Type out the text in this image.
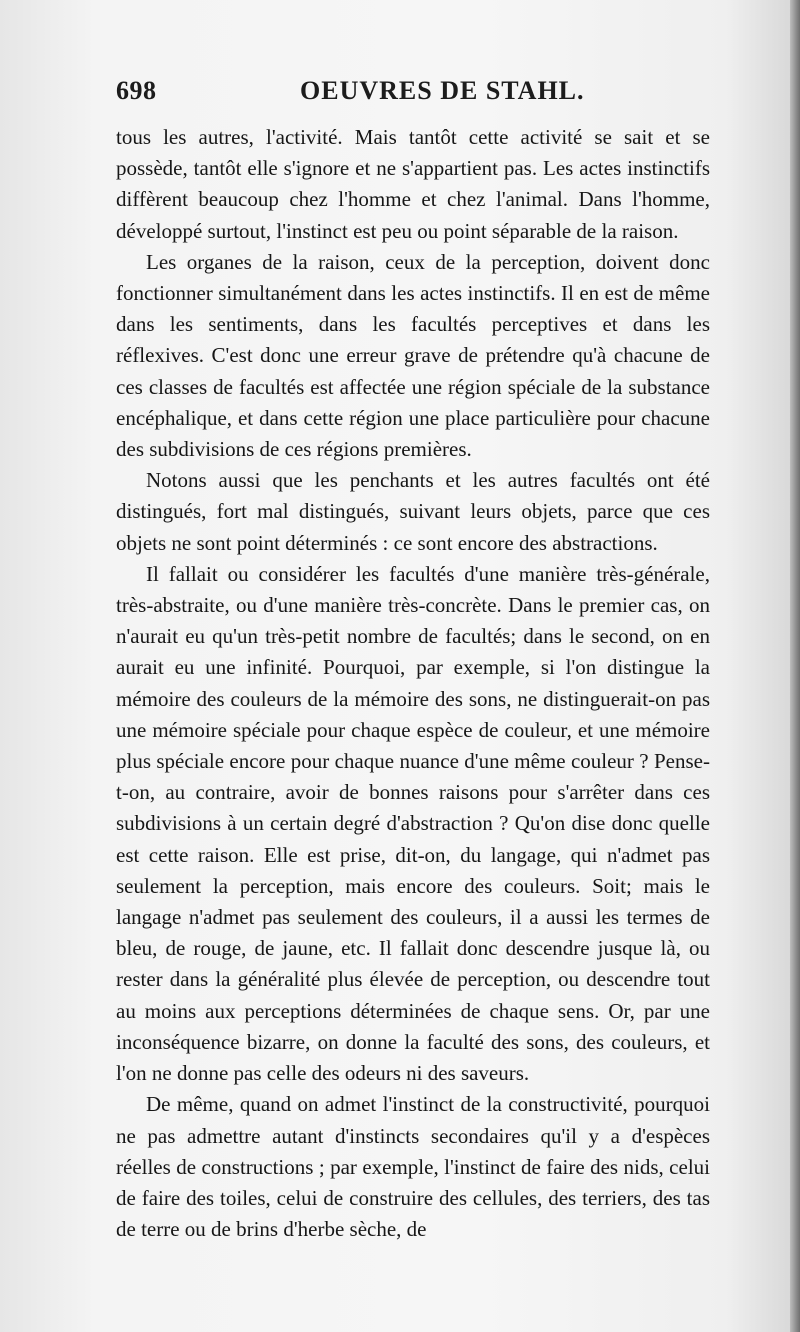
698	OEUVRES DE STAHL.

tous les autres, l'activité. Mais tantôt cette activité se sait et se possède, tantôt elle s'ignore et ne s'appartient pas. Les actes instinctifs diffèrent beaucoup chez l'homme et chez l'animal. Dans l'homme, développé surtout, l'instinct est peu ou point séparable de la raison.

Les organes de la raison, ceux de la perception, doivent donc fonctionner simultanément dans les actes instinctifs. Il en est de même dans les sentiments, dans les facultés perceptives et dans les réflexives. C'est donc une erreur grave de prétendre qu'à chacune de ces classes de facultés est affectée une région spéciale de la substance encéphalique, et dans cette région une place particulière pour chacune des subdivisions de ces régions premières.

Notons aussi que les penchants et les autres facultés ont été distingués, fort mal distingués, suivant leurs objets, parce que ces objets ne sont point déterminés : ce sont encore des abstractions.

Il fallait ou considérer les facultés d'une manière très-générale, très-abstraite, ou d'une manière très-concrète. Dans le premier cas, on n'aurait eu qu'un très-petit nombre de facultés; dans le second, on en aurait eu une infinité. Pourquoi, par exemple, si l'on distingue la mémoire des couleurs de la mémoire des sons, ne distinguerait-on pas une mémoire spéciale pour chaque espèce de couleur, et une mémoire plus spéciale encore pour chaque nuance d'une même couleur ? Pense-t-on, au contraire, avoir de bonnes raisons pour s'arrêter dans ces subdivisions à un certain degré d'abstraction ? Qu'on dise donc quelle est cette raison. Elle est prise, dit-on, du langage, qui n'admet pas seulement la perception, mais encore des couleurs. Soit; mais le langage n'admet pas seulement des couleurs, il a aussi les termes de bleu, de rouge, de jaune, etc. Il fallait donc descendre jusque là, ou rester dans la généralité plus élevée de perception, ou descendre tout au moins aux perceptions déterminées de chaque sens. Or, par une inconséquence bizarre, on donne la faculté des sons, des couleurs, et l'on ne donne pas celle des odeurs ni des saveurs.

De même, quand on admet l'instinct de la constructivité, pourquoi ne pas admettre autant d'instincts secondaires qu'il y a d'espèces réelles de constructions ; par exemple, l'instinct de faire des nids, celui de faire des toiles, celui de construire des cellules, des terriers, des tas de terre ou de brins d'herbe sèche, de
